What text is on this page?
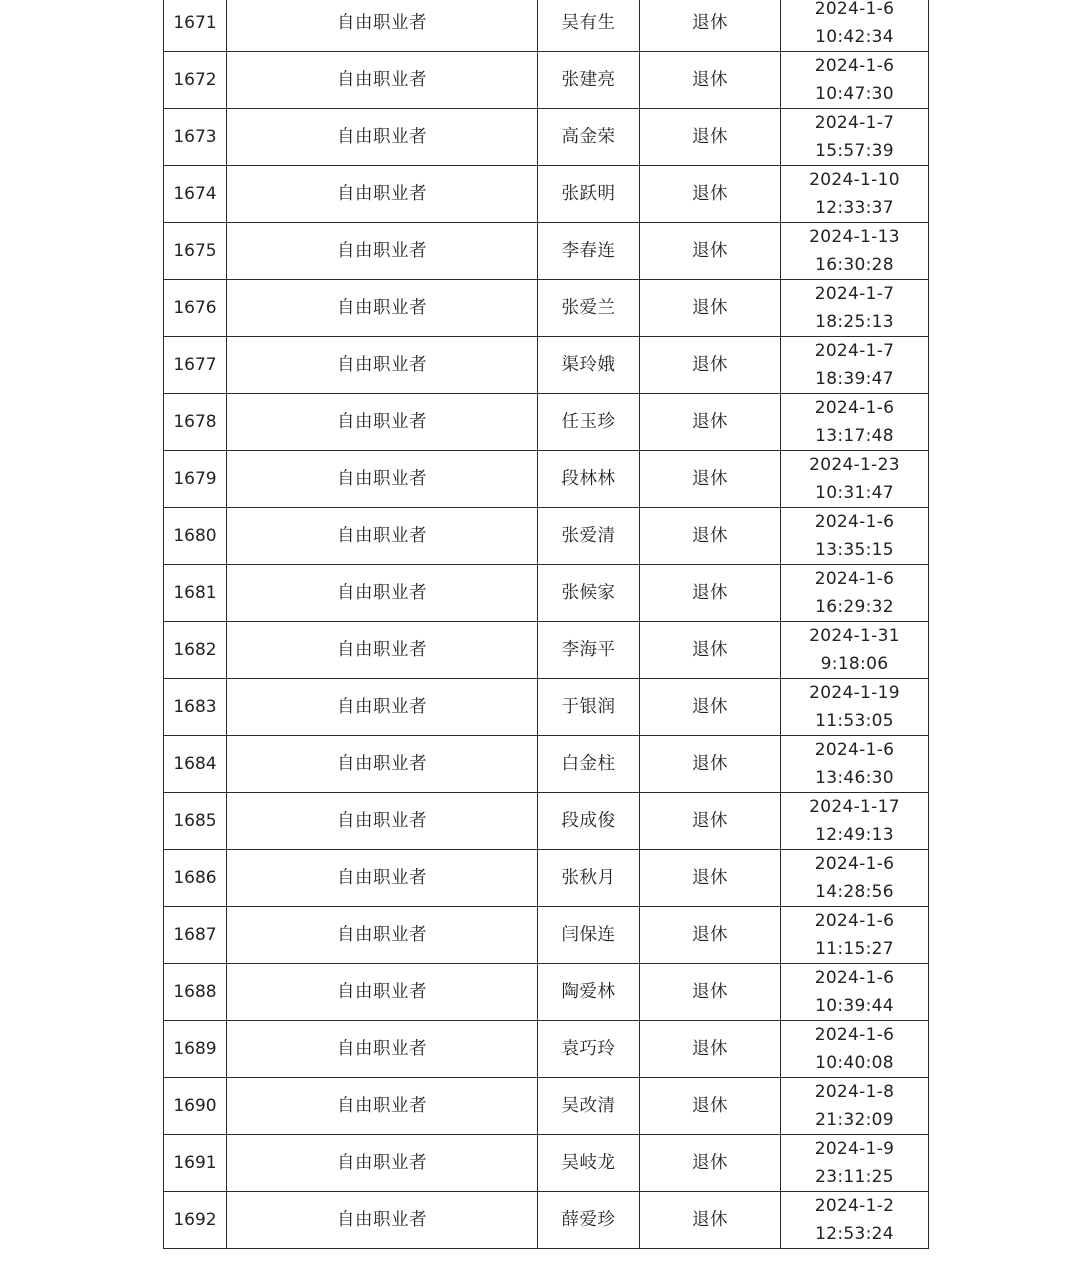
1671	自由职业者	吴有生	退休	2024-1-6
10:42:34

1672	自由职业者	张建亮	退休	2024-1-6
10:47:30

1673	自由职业者	高金荣	退休	2024-1-7
15:57:39

1674	自由职业者	张跃明	退休	2024-1-10
12:33:37

1675	自由职业者	李春连	退休	2024-1-13
16:30:28

1676	自由职业者	张爱兰	退休	2024-1-7
18:25:13

1677	自由职业者	渠玲娥	退休	2024-1-7
18:39:47

1678	自由职业者	任玉珍	退休	2024-1-6
13:17:48

1679	自由职业者	段林林	退休	2024-1-23
10:31:47

1680	自由职业者	张爱清	退休	2024-1-6
13:35:15

1681	自由职业者	张候家	退休	2024-1-6
16:29:32

1682	自由职业者	李海平	退休	2024-1-31
9:18:06

1683	自由职业者	于银润	退休	2024-1-19
11:53:05

1684	自由职业者	白金柱	退休	2024-1-6
13:46:30

1685	自由职业者	段成俊	退休	2024-1-17
12:49:13

1686	自由职业者	张秋月	退休	2024-1-6
14:28:56

1687	自由职业者	闫保连	退休	2024-1-6
11:15:27

1688	自由职业者	陶爱林	退休	2024-1-6
10:39:44

1689	自由职业者	袁巧玲	退休	2024-1-6
10:40:08

1690	自由职业者	吴改清	退休	2024-1-8
21:32:09

1691	自由职业者	吴岐龙	退休	2024-1-9
23:11:25

1692	自由职业者	薛爱珍	退休	2024-1-2
12:53:24
